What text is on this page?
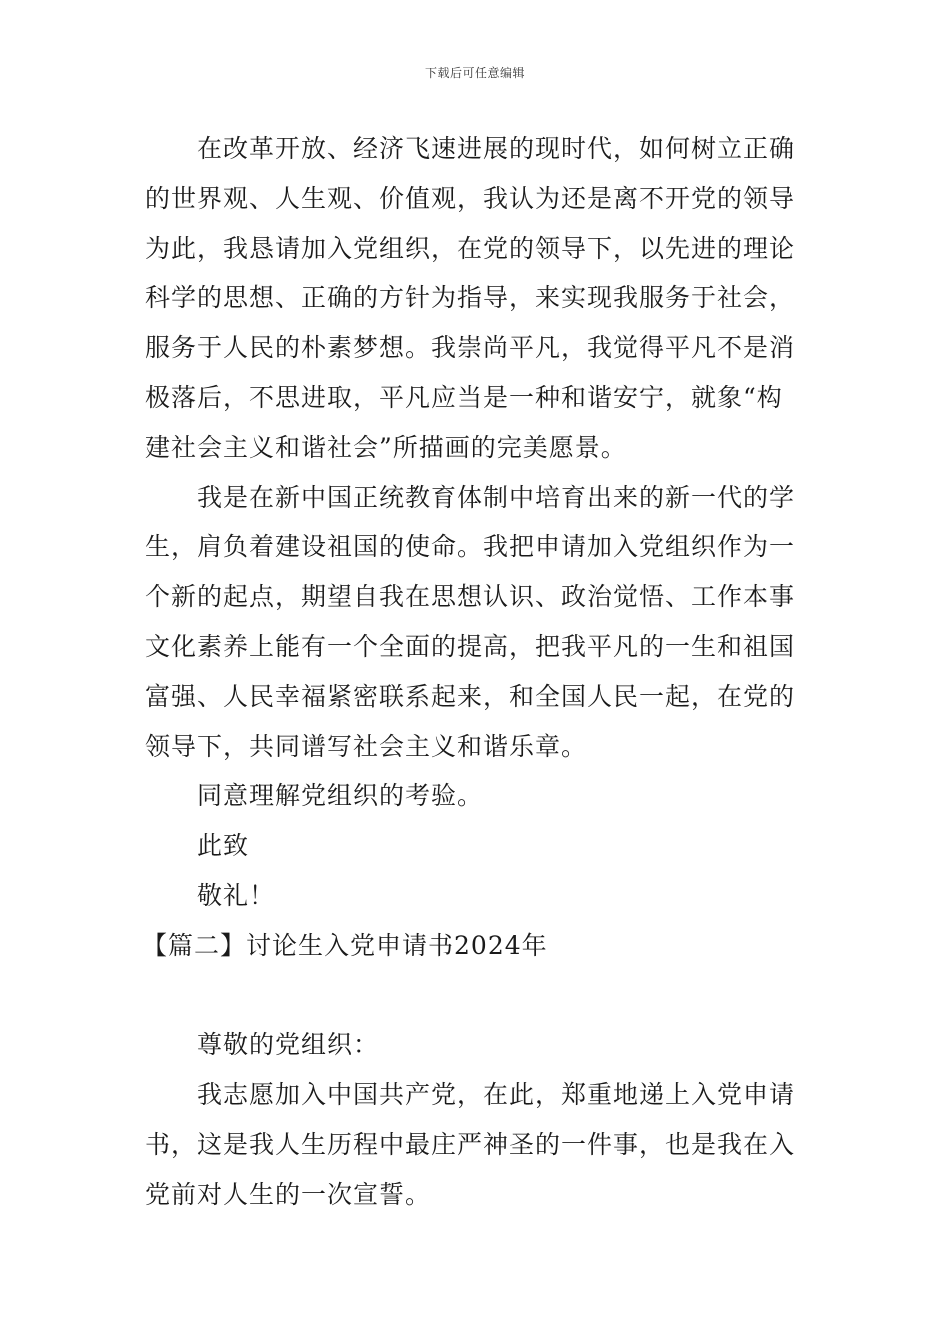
下载后可任意编辑
在改革开放、经济飞速进展的现时代，如何树立正确
的世界观、人生观、价值观，我认为还是离不开党的领导
为此，我恳请加入党组织，在党的领导下，以先进的理论
科学的思想、正确的方针为指导，来实现我服务于社会，
服务于人民的朴素梦想。我崇尚平凡，我觉得平凡不是消
极落后，不思进取，平凡应当是一种和谐安宁，就象“构
建社会主义和谐社会”所描画的完美愿景。
我是在新中国正统教育体制中培育出来的新一代的学
生，肩负着建设祖国的使命。我把申请加入党组织作为一
个新的起点，期望自我在思想认识、政治觉悟、工作本事
文化素养上能有一个全面的提高，把我平凡的一生和祖国
富强、人民幸福紧密联系起来，和全国人民一起，在党的
领导下，共同谱写社会主义和谐乐章。
同意理解党组织的考验。
此致
敬礼！
【篇二】讨论生入党申请书2024年
尊敬的党组织：
我志愿加入中国共产党，在此，郑重地递上入党申请
书，这是我人生历程中最庄严神圣的一件事，也是我在入
党前对人生的一次宣誓。
